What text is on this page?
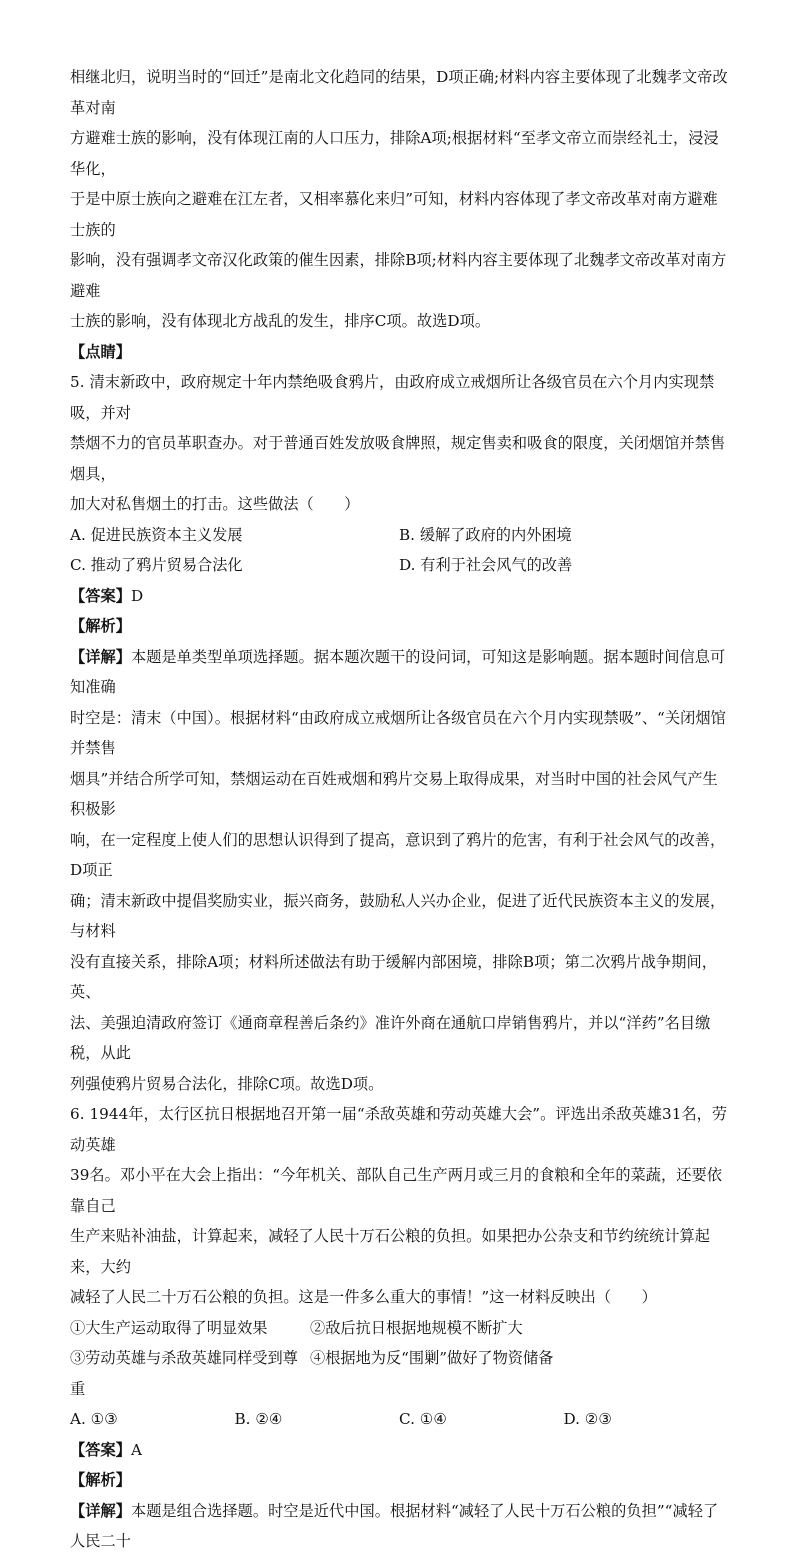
相继北归，说明当时的“回迁”是南北文化趋同的结果，D项正确;材料内容主要体现了北魏孝文帝改革对南

方避难士族的影响，没有体现江南的人口压力，排除A项;根据材料“至孝文帝立而崇经礼士，浸浸华化，

于是中原士族向之避难在江左者，又相率慕化来归”可知，材料内容体现了孝文帝改革对南方避难士族的

影响，没有强调孝文帝汉化政策的催生因素，排除B项;材料内容主要体现了北魏孝文帝改革对南方避难

士族的影响，没有体现北方战乱的发生，排序C项。故选D项。

【点睛】

5. 清末新政中，政府规定十年内禁绝吸食鸦片，由政府成立戒烟所让各级官员在六个月内实现禁吸，并对

禁烟不力的官员革职查办。对于普通百姓发放吸食牌照，规定售卖和吸食的限度，关闭烟馆并禁售烟具，

加大对私售烟土的打击。这些做法（　　）

A. 促进民族资本主义发展	B. 缓解了政府的内外困境
C. 推动了鸦片贸易合法化	D. 有利于社会风气的改善

【答案】D

【解析】

【详解】本题是单类型单项选择题。据本题次题干的设问词，可知这是影响题。据本题时间信息可知准确

时空是：清末（中国）。根据材料“由政府成立戒烟所让各级官员在六个月内实现禁吸”、“关闭烟馆并禁售

烟具”并结合所学可知，禁烟运动在百姓戒烟和鸦片交易上取得成果，对当时中国的社会风气产生积极影

响，在一定程度上使人们的思想认识得到了提高，意识到了鸦片的危害，有利于社会风气的改善，D项正

确；清末新政中提倡奖励实业，振兴商务，鼓励私人兴办企业，促进了近代民族资本主义的发展，与材料

没有直接关系，排除A项；材料所述做法有助于缓解内部困境，排除B项；第二次鸦片战争期间，英、

法、美强迫清政府签订《通商章程善后条约》准许外商在通航口岸销售鸦片，并以“洋药”名目缴税，从此

列强使鸦片贸易合法化，排除C项。故选D项。

6. 1944年，太行区抗日根据地召开第一届“杀敌英雄和劳动英雄大会”。评选出杀敌英雄31名，劳动英雄

39名。邓小平在大会上指出：“今年机关、部队自己生产两月或三月的食粮和全年的菜蔬，还要依靠自己

生产来贴补油盐，计算起来，减轻了人民十万石公粮的负担。如果把办公杂支和节约统统计算起来，大约

减轻了人民二十万石公粮的负担。这是一件多么重大的事情！”这一材料反映出（　　）

①大生产运动取得了明显效果	②敌后抗日根据地规模不断扩大
③劳动英雄与杀敌英雄同样受到尊重
④根据地为反“围剿”做好了物资储备
A. ①③	B. ②④	C. ①④	D. ②③

【答案】A

【解析】

【详解】本题是组合选择题。时空是近代中国。根据材料“减轻了人民十万石公粮的负担”“减轻了人民二十
